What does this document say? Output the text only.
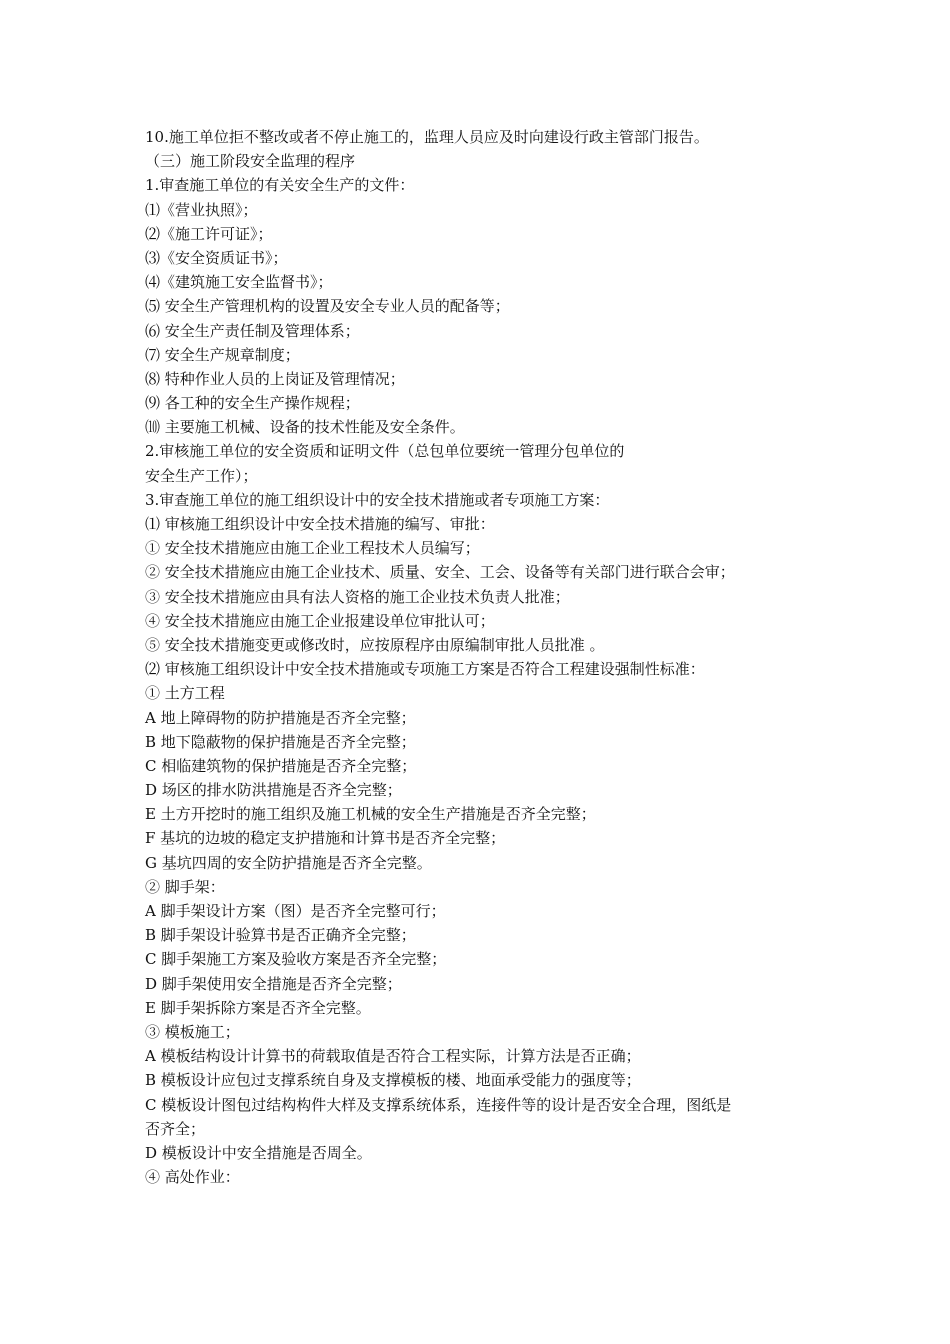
10.施工单位拒不整改或者不停止施工的，监理人员应及时向建设行政主管部门报告。
（三）施工阶段安全监理的程序
1.审查施工单位的有关安全生产的文件：
⑴《营业执照》；
⑵《施工许可证》；
⑶《安全资质证书》；
⑷《建筑施工安全监督书》；
⑸ 安全生产管理机构的设置及安全专业人员的配备等；
⑹ 安全生产责任制及管理体系；
⑺ 安全生产规章制度；
⑻ 特种作业人员的上岗证及管理情况；
⑼ 各工种的安全生产操作规程；
⑽ 主要施工机械、设备的技术性能及安全条件。
2.审核施工单位的安全资质和证明文件（总包单位要统一管理分包单位的
安全生产工作）；
3.审查施工单位的施工组织设计中的安全技术措施或者专项施工方案：
⑴ 审核施工组织设计中安全技术措施的编写、审批：
① 安全技术措施应由施工企业工程技术人员编写；
② 安全技术措施应由施工企业技术、质量、安全、工会、设备等有关部门进行联合会审；
③ 安全技术措施应由具有法人资格的施工企业技术负责人批准；
④ 安全技术措施应由施工企业报建设单位审批认可；
⑤ 安全技术措施变更或修改时，应按原程序由原编制审批人员批准 。
⑵ 审核施工组织设计中安全技术措施或专项施工方案是否符合工程建设强制性标准：
① 土方工程
A 地上障碍物的防护措施是否齐全完整；
B 地下隐蔽物的保护措施是否齐全完整；
C 相临建筑物的保护措施是否齐全完整；
D 场区的排水防洪措施是否齐全完整；
E 土方开挖时的施工组织及施工机械的安全生产措施是否齐全完整；
F 基坑的边坡的稳定支护措施和计算书是否齐全完整；
G 基坑四周的安全防护措施是否齐全完整。
② 脚手架：
A 脚手架设计方案（图）是否齐全完整可行；
B 脚手架设计验算书是否正确齐全完整；
C 脚手架施工方案及验收方案是否齐全完整；
D 脚手架使用安全措施是否齐全完整；
E 脚手架拆除方案是否齐全完整。
③ 模板施工；
A 模板结构设计计算书的荷载取值是否符合工程实际，计算方法是否正确；
B 模板设计应包过支撑系统自身及支撑模板的楼、地面承受能力的强度等；
C 模板设计图包过结构构件大样及支撑系统体系，连接件等的设计是否安全合理，图纸是
否齐全；
D 模板设计中安全措施是否周全。
④ 高处作业：
